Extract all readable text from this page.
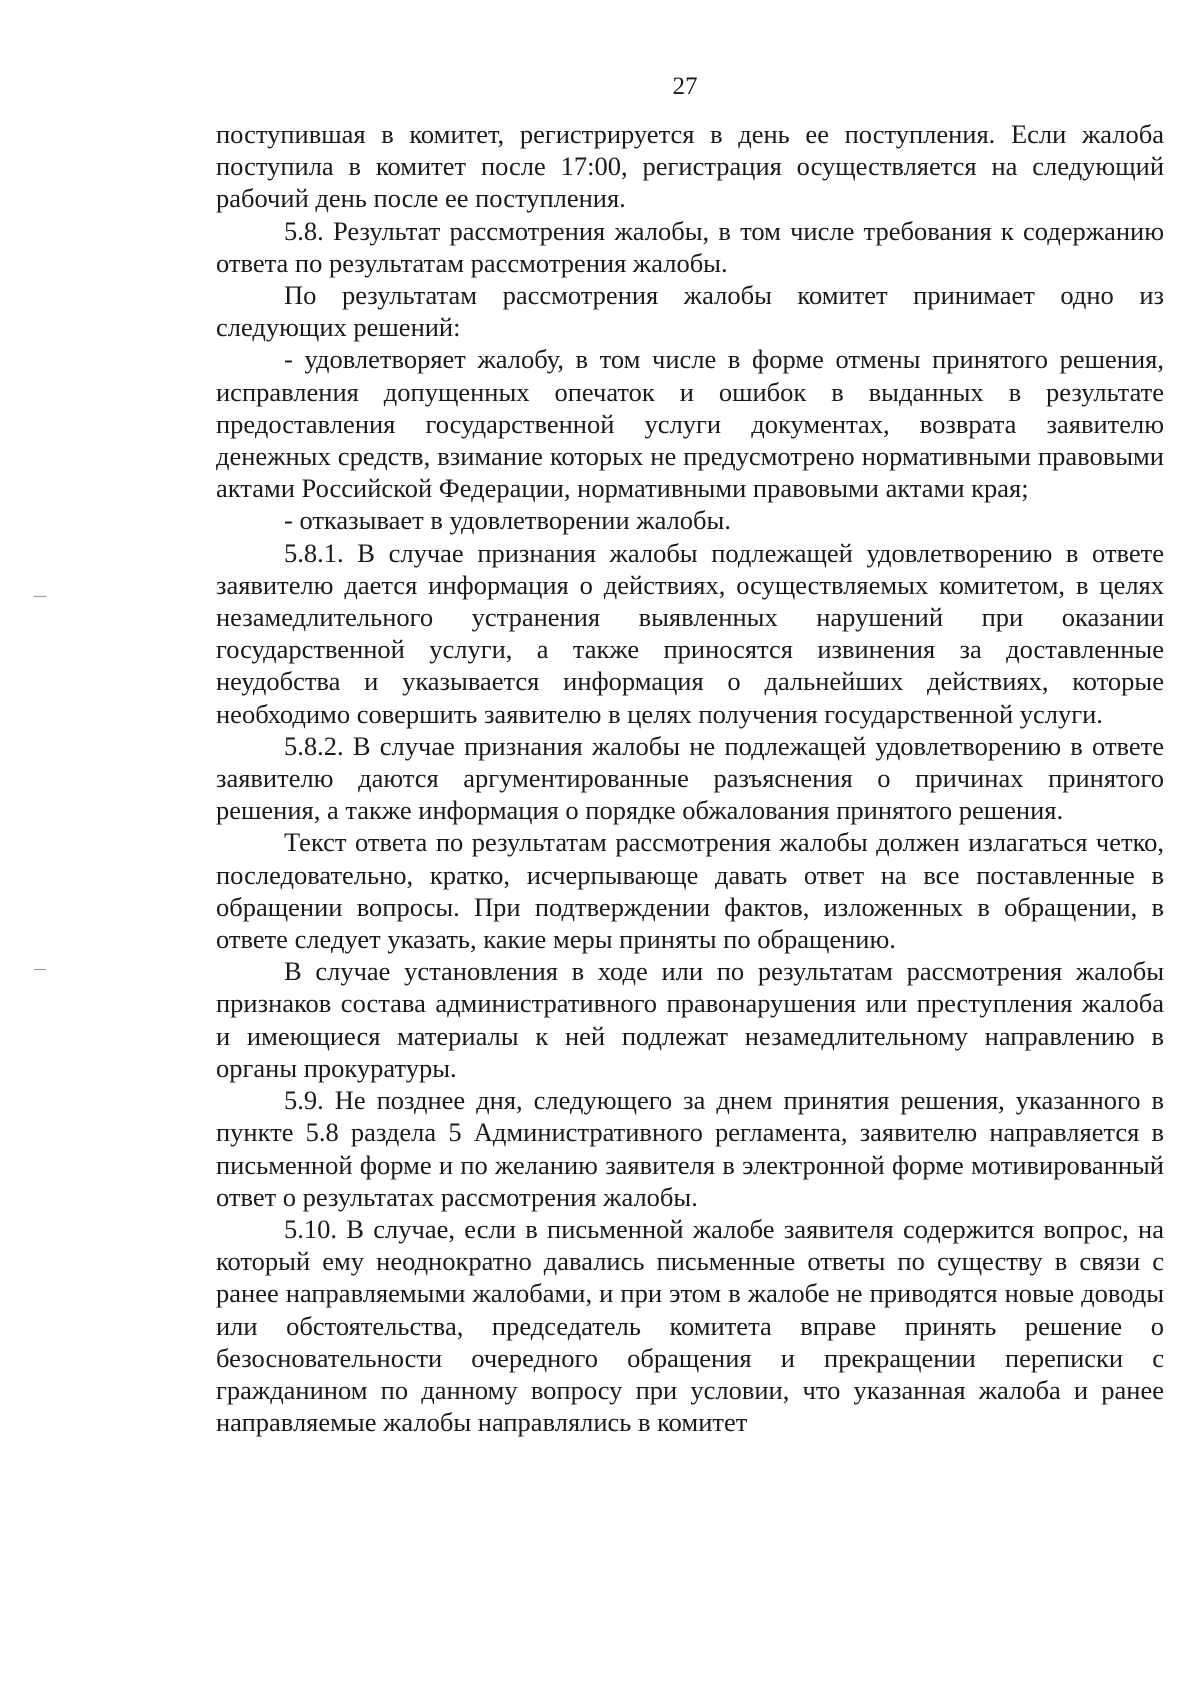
27

поступившая в комитет, регистрируется в день ее поступления. Если жалоба поступила в комитет после 17:00, регистрация осуществляется на следующий рабочий день после ее поступления.

5.8. Результат рассмотрения жалобы, в том числе требования к содержанию ответа по результатам рассмотрения жалобы.

По результатам рассмотрения жалобы комитет принимает одно из следующих решений:

- удовлетворяет жалобу, в том числе в форме отмены принятого решения, исправления допущенных опечаток и ошибок в выданных в результате предоставления государственной услуги документах, возврата заявителю денежных средств, взимание которых не предусмотрено нормативными правовыми актами Российской Федерации, нормативными правовыми актами края;

- отказывает в удовлетворении жалобы.

5.8.1. В случае признания жалобы подлежащей удовлетворению в ответе заявителю дается информация о действиях, осуществляемых комитетом, в целях незамедлительного устранения выявленных нарушений при оказании государственной услуги, а также приносятся извинения за доставленные неудобства и указывается информация о дальнейших действиях, которые необходимо совершить заявителю в целях получения государственной услуги.

5.8.2. В случае признания жалобы не подлежащей удовлетворению в ответе заявителю даются аргументированные разъяснения о причинах принятого решения, а также информация о порядке обжалования принятого решения.

Текст ответа по результатам рассмотрения жалобы должен излагаться четко, последовательно, кратко, исчерпывающе давать ответ на все поставленные в обращении вопросы. При подтверждении фактов, изложенных в обращении, в ответе следует указать, какие меры приняты по обращению.

В случае установления в ходе или по результатам рассмотрения жалобы признаков состава административного правонарушения или преступления жалоба и имеющиеся материалы к ней подлежат незамедлительному направлению в органы прокуратуры.

5.9. Не позднее дня, следующего за днем принятия решения, указанного в пункте 5.8 раздела 5 Административного регламента, заявителю направляется в письменной форме и по желанию заявителя в электронной форме мотивированный ответ о результатах рассмотрения жалобы.

5.10. В случае, если в письменной жалобе заявителя содержится вопрос, на который ему неоднократно давались письменные ответы по существу в связи с ранее направляемыми жалобами, и при этом в жалобе не приводятся новые доводы или обстоятельства, председатель комитета вправе принять решение о безосновательности очередного обращения и прекращении переписки с гражданином по данному вопросу при условии, что указанная жалоба и ранее направляемые жалобы направлялись в комитет
